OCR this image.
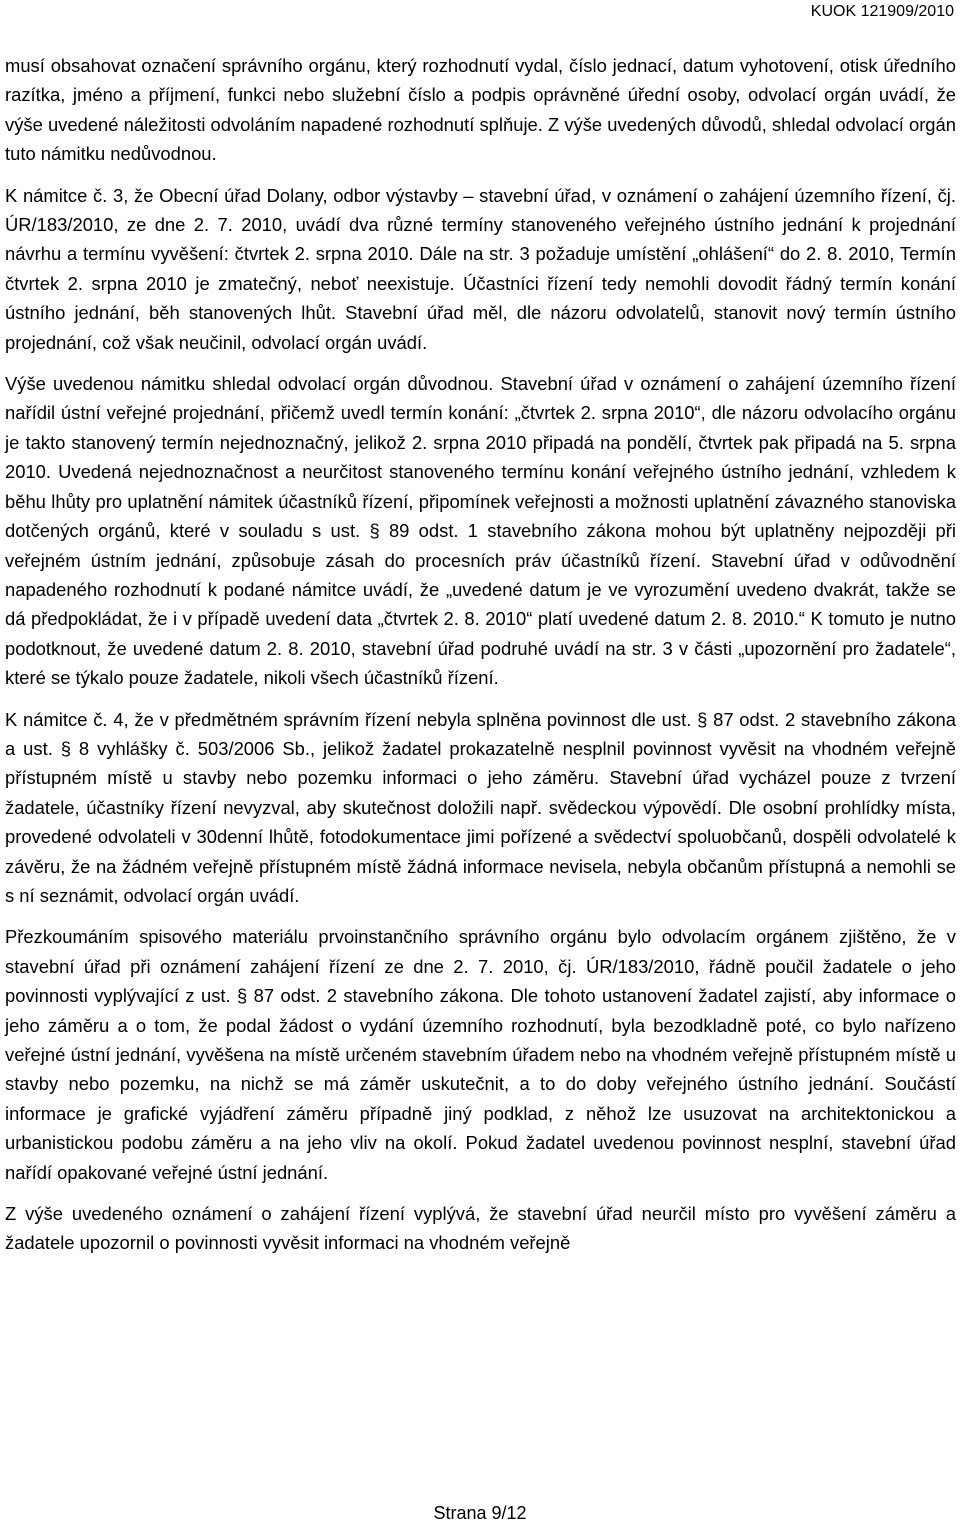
KUOK 121909/2010

musí obsahovat označení správního orgánu, který rozhodnutí vydal, číslo jednací, datum vyhotovení, otisk úředního razítka, jméno a příjmení, funkci nebo služební číslo a podpis oprávněné úřední osoby, odvolací orgán uvádí, že výše uvedené náležitosti odvoláním napadené rozhodnutí splňuje. Z výše uvedených důvodů, shledal odvolací orgán tuto námitku nedůvodnou.

K námitce č. 3, že Obecní úřad Dolany, odbor výstavby – stavební úřad, v oznámení o zahájení územního řízení, čj. ÚR/183/2010, ze dne 2. 7. 2010, uvádí dva různé termíny stanoveného veřejného ústního jednání k projednání návrhu a termínu vyvěšení: čtvrtek 2. srpna 2010. Dále na str. 3 požaduje umístění „ohlášení“ do 2. 8. 2010, Termín čtvrtek 2. srpna 2010 je zmatečný, neboť neexistuje. Účastníci řízení tedy nemohli dovodit řádný termín konání ústního jednání, běh stanovených lhůt. Stavební úřad měl, dle názoru odvolatelů, stanovit nový termín ústního projednání, což však neučinil, odvolací orgán uvádí.

Výše uvedenou námitku shledal odvolací orgán důvodnou. Stavební úřad v oznámení o zahájení územního řízení nařídil ústní veřejné projednání, přičemž uvedl termín konání: „čtvrtek 2. srpna 2010“, dle názoru odvolacího orgánu je takto stanovený termín nejednoznačný, jelikož 2. srpna 2010 připadá na pondělí, čtvrtek pak připadá na 5. srpna 2010. Uvedená nejednoznačnost a neurčitost stanoveného termínu konání veřejného ústního jednání, vzhledem k běhu lhůty pro uplatnění námitek účastníků řízení, připomínek veřejnosti a možnosti uplatnění závazného stanoviska dotčených orgánů, které v souladu s ust. § 89 odst. 1 stavebního zákona mohou být uplatněny nejpozději při veřejném ústním jednání, způsobuje zásah do procesních práv účastníků řízení. Stavební úřad v odůvodnění napadeného rozhodnutí k podané námitce uvádí, že „uvedené datum je ve vyrozumění uvedeno dvakrát, takže se dá předpokládat, že i v případě uvedení data „čtvrtek 2. 8. 2010“ platí uvedené datum 2. 8. 2010.“ K tomuto je nutno podotknout, že uvedené datum 2. 8. 2010, stavební úřad podruhé uvádí na str. 3 v části „upozornění pro žadatele“, které se týkalo pouze žadatele, nikoli všech účastníků řízení.

K námitce č. 4, že v předmětném správním řízení nebyla splněna povinnost dle ust. § 87 odst. 2 stavebního zákona a ust. § 8 vyhlášky č. 503/2006 Sb., jelikož žadatel prokazatelně nesplnil povinnost vyvěsit na vhodném veřejně přístupném místě u stavby nebo pozemku informaci o jeho záměru. Stavební úřad vycházel pouze z tvrzení žadatele, účastníky řízení nevyzval, aby skutečnost doložili např. svědeckou výpovědí. Dle osobní prohlídky místa, provedené odvolateli v 30denní lhůtě, fotodokumentace jimi pořízené a svědectví spoluobčanů, dospěli odvolatelé k závěru, že na žádném veřejně přístupném místě žádná informace nevisela, nebyla občanům přístupná a nemohli se s ní seznámit, odvolací orgán uvádí.

Přezkoumáním spisového materiálu prvoinstančního správního orgánu bylo odvolacím orgánem zjištěno, že v stavební úřad při oznámení zahájení řízení ze dne 2. 7. 2010, čj. ÚR/183/2010, řádně poučil žadatele o jeho povinnosti vyplývající z ust. § 87 odst. 2 stavebního zákona. Dle tohoto ustanovení žadatel zajistí, aby informace o jeho záměru a o tom, že podal žádost o vydání územního rozhodnutí, byla bezodkladně poté, co bylo nařízeno veřejné ústní jednání, vyvěšena na místě určeném stavebním úřadem nebo na vhodném veřejně přístupném místě u stavby nebo pozemku, na nichž se má záměr uskutečnit, a to do doby veřejného ústního jednání. Součástí informace je grafické vyjádření záměru případně jiný podklad, z něhož lze usuzovat na architektonickou a urbanistickou podobu záměru a na jeho vliv na okolí. Pokud žadatel uvedenou povinnost nesplní, stavební úřad nařídí opakované veřejné ústní jednání.

Z výše uvedeného oznámení o zahájení řízení vyplývá, že stavební úřad neurčil místo pro vyvěšení záměru a žadatele upozornil o povinnosti vyvěsit informaci na vhodném veřejně

Strana 9/12
